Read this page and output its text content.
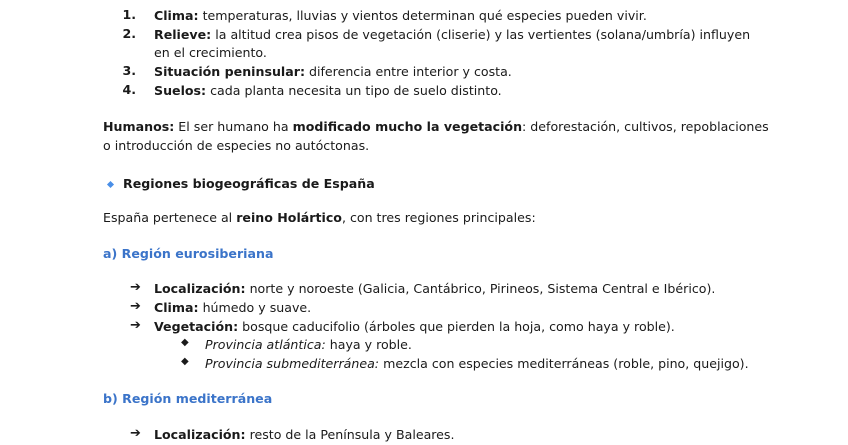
1. Clima: temperaturas, lluvias y vientos determinan qué especies pueden vivir.
2. Relieve: la altitud crea pisos de vegetación (cliserie) y las vertientes (solana/umbría) influyen
en el crecimiento.
3. Situación peninsular: diferencia entre interior y costa.
4. Suelos: cada planta necesita un tipo de suelo distinto.
Humanos: El ser humano ha modificado mucho la vegetación: deforestación, cultivos, repoblaciones
o introducción de especies no autóctonas.
Regiones biogeográficas de España
España pertenece al reino Holártico, con tres regiones principales:
a) Región eurosiberiana
➔ Localización: norte y noroeste (Galicia, Cantábrico, Pirineos, Sistema Central e Ibérico).
➔ Clima: húmedo y suave.
➔ Vegetación: bosque caducifolio (árboles que pierden la hoja, como haya y roble).
◆ Provincia atlántica: haya y roble.
◆ Provincia submediterránea: mezcla con especies mediterráneas (roble, pino, quejigo).
b) Región mediterránea
➔ Localización: resto de la Península y Baleares.
